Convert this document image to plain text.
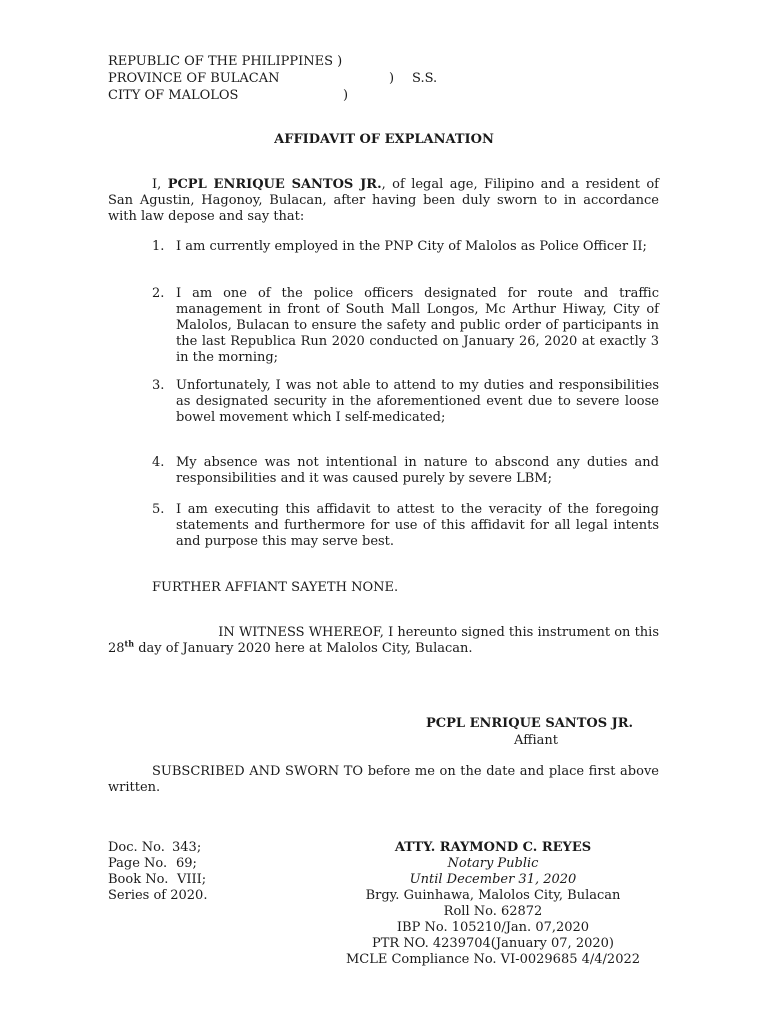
REPUBLIC OF THE PHILIPPINES )
PROVINCE OF BULACAN	) S.S.
CITY OF MALOLOS	)
AFFIDAVIT OF EXPLANATION
I, PCPL ENRIQUE SANTOS JR., of legal age, Filipino and a resident of San Agustin, Hagonoy, Bulacan, after having been duly sworn to in accordance with law depose and say that:
1. I am currently employed in the PNP City of Malolos as Police Officer II;
2. I am one of the police officers designated for route and traffic management in front of South Mall Longos, Mc Arthur Hiway, City of Malolos, Bulacan to ensure the safety and public order of participants in the last Republica Run 2020 conducted on January 26, 2020 at exactly 3 in the morning;
3. Unfortunately, I was not able to attend to my duties and responsibilities as designated security in the aforementioned event due to severe loose bowel movement which I self-medicated;
4. My absence was not intentional in nature to abscond any duties and responsibilities and it was caused purely by severe LBM;
5. I am executing this affidavit to attest to the veracity of the foregoing statements and furthermore for use of this affidavit for all legal intents and purpose this may serve best.
FURTHER AFFIANT SAYETH NONE.
IN WITNESS WHEREOF, I hereunto signed this instrument on this
28th day of January 2020 here at Malolos City, Bulacan.
PCPL ENRIQUE SANTOS JR.
Affiant
SUBSCRIBED AND SWORN TO before me on the date and place first above written.
Doc. No. 343;
Page No. 69;
Book No. VIII;
Series of 2020.
ATTY. RAYMOND C. REYES
Notary Public
Until December 31, 2020
Brgy. Guinhawa, Malolos City, Bulacan
Roll No. 62872
IBP No. 105210/Jan. 07,2020
PTR NO. 4239704(January 07, 2020)
MCLE Compliance No. VI-0029685 4/4/2022
